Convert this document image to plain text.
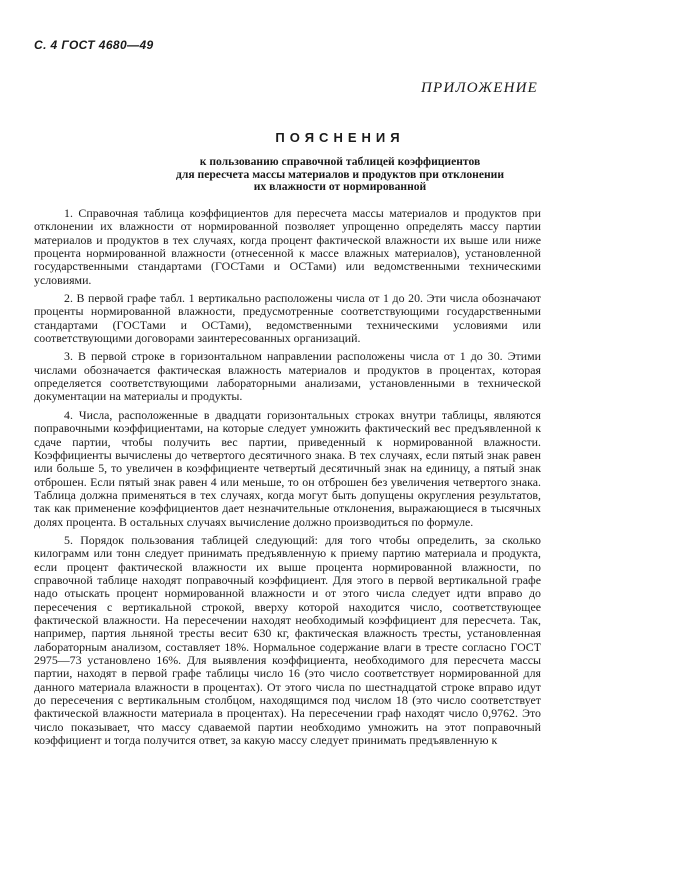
С. 4 ГОСТ 4680—49
ПРИЛОЖЕНИЕ
ПОЯСНЕНИЯ
к пользованию справочной таблицей коэффициентов
для пересчета массы материалов и продуктов при отклонении
их влажности от нормированной

1. Справочная таблица коэффициентов для пересчета массы материалов и продуктов при отклонении их влажности от нормированной позволяет упрощенно определять массу партии материалов и продуктов в тех случаях, когда процент фактической влажности их выше или ниже процента нормированной влажности (отнесенной к массе влажных материалов), установленной государственными стандартами (ГОСТами и ОСТами) или ведомственными техническими условиями.

2. В первой графе табл. 1 вертикально расположены числа от 1 до 20. Эти числа обозначают проценты нормированной влажности, предусмотренные соответствующими государственными стандартами (ГОСТами и ОСТами), ведомственными техническими условиями или соответствующими договорами заинтересованных организаций.

3. В первой строке в горизонтальном направлении расположены числа от 1 до 30. Этими числами обозначается фактическая влажность материалов и продуктов в процентах, которая определяется соответствующими лабораторными анализами, установленными в технической документации на материалы и продукты.

4. Числа, расположенные в двадцати горизонтальных строках внутри таблицы, являются поправочными коэффициентами, на которые следует умножить фактический вес предъявленной к сдаче партии, чтобы получить вес партии, приведенный к нормированной влажности. Коэффициенты вычислены до четвертого десятичного знака. В тех случаях, если пятый знак равен или больше 5, то увеличен в коэффициенте четвертый десятичный знак на единицу, а пятый знак отброшен. Если пятый знак равен 4 или меньше, то он отброшен без увеличения четвертого знака. Таблица должна применяться в тех случаях, когда могут быть допущены округления результатов, так как применение коэффициентов дает незначительные отклонения, выражающиеся в тысячных долях процента. В остальных случаях вычисление должно производиться по формуле.

5. Порядок пользования таблицей следующий: для того чтобы определить, за сколько килограмм или тонн следует принимать предъявленную к приему партию материала и продукта, если процент фактической влажности их выше процента нормированной влажности, по справочной таблице находят поправочный коэффициент. Для этого в первой вертикальной графе надо отыскать процент нормированной влажности и от этого числа следует идти вправо до пересечения с вертикальной строкой, вверху которой находится число, соответствующее фактической влажности. На пересечении находят необходимый коэффициент для пересчета. Так, например, партия льняной тресты весит 630 кг, фактическая влажность тресты, установленная лабораторным анализом, составляет 18%. Нормальное содержание влаги в тресте согласно ГОСТ 2975—73 установлено 16%. Для выявления коэффициента, необходимого для пересчета массы партии, находят в первой графе таблицы число 16 (это число соответствует нормированной для данного материала влажности в процентах). От этого числа по шестнадцатой строке вправо идут до пересечения с вертикальным столбцом, находящимся под числом 18 (это число соответствует фактической влажности материала в процентах). На пересечении граф находят число 0,9762. Это число показывает, что массу сдаваемой партии необходимо умножить на этот поправочный коэффициент и тогда получится ответ, за какую массу следует принимать предъявленную к
